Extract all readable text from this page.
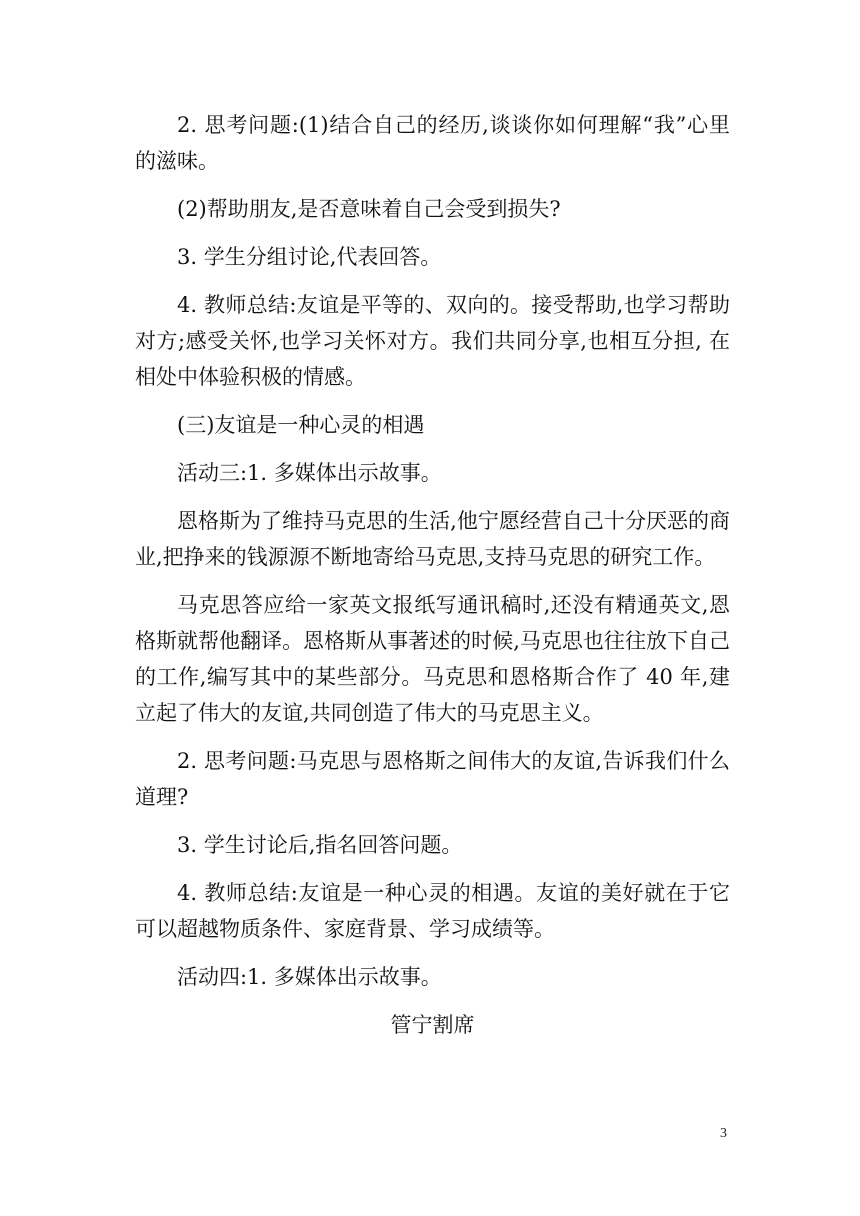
2. 思考问题:(1)结合自己的经历,谈谈你如何理解“我”心里的滋味。

(2)帮助朋友,是否意味着自己会受到损失?

3. 学生分组讨论,代表回答。

4. 教师总结:友谊是平等的、双向的。接受帮助,也学习帮助对方;感受关怀,也学习关怀对方。我们共同分享,也相互分担, 在相处中体验积极的情感。

(三)友谊是一种心灵的相遇

活动三:1. 多媒体出示故事。

恩格斯为了维持马克思的生活,他宁愿经营自己十分厌恶的商业,把挣来的钱源源不断地寄给马克思,支持马克思的研究工作。

马克思答应给一家英文报纸写通讯稿时,还没有精通英文,恩格斯就帮他翻译。恩格斯从事著述的时候,马克思也往往放下自己的工作,编写其中的某些部分。马克思和恩格斯合作了 40 年,建立起了伟大的友谊,共同创造了伟大的马克思主义。

2. 思考问题:马克思与恩格斯之间伟大的友谊,告诉我们什么道理?

3. 学生讨论后,指名回答问题。

4. 教师总结:友谊是一种心灵的相遇。友谊的美好就在于它可以超越物质条件、家庭背景、学习成绩等。

活动四:1. 多媒体出示故事。

管宁割席

3
